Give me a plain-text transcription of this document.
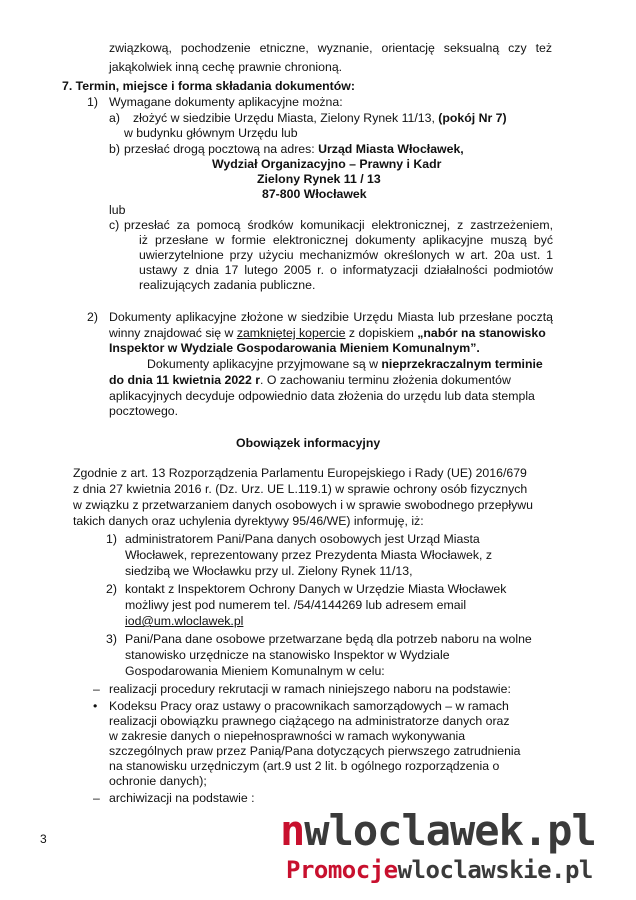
związkową, pochodzenie etniczne, wyznanie, orientację seksualną czy też
jakąkolwiek inną cechę prawnie chronioną.
7. Termin, miejsce i forma składania dokumentów:
1) Wymagane dokumenty aplikacyjne można:
a) złożyć w siedzibie Urzędu Miasta, Zielony Rynek 11/13, (pokój Nr 7)
w budynku głównym Urzędu lub
b) przesłać drogą pocztową na adres: Urząd Miasta Włocławek,
Wydział Organizacyjno – Prawny i Kadr
Zielony Rynek 11 / 13
87-800 Włocławek
lub
c) przesłać za pomocą środków komunikacji elektronicznej, z zastrzeżeniem,
iż przesłane w formie elektronicznej dokumenty aplikacyjne muszą być
uwierzytelnione przy użyciu mechanizmów określonych w art. 20a ust. 1
ustawy z dnia 17 lutego 2005 r. o informatyzacji działalności podmiotów
realizujących zadania publiczne.
2) Dokumenty aplikacyjne złożone w siedzibie Urzędu Miasta lub przesłane pocztą
winny znajdować się w zamkniętej kopercie z dopiskiem „nabór na stanowisko
Inspektor w Wydziale Gospodarowania Mieniem Komunalnym”.
Dokumenty aplikacyjne przyjmowane są w nieprzekraczalnym terminie
do dnia 11 kwietnia 2022 r. O zachowaniu terminu złożenia dokumentów
aplikacyjnych decyduje odpowiednio data złożenia do urzędu lub data stempla
pocztowego.
Obowiązek informacyjny
Zgodnie z art. 13 Rozporządzenia Parlamentu Europejskiego i Rady (UE) 2016/679
z dnia 27 kwietnia 2016 r. (Dz. Urz. UE L.119.1) w sprawie ochrony osób fizycznych
w związku z przetwarzaniem danych osobowych i w sprawie swobodnego przepływu
takich danych oraz uchylenia dyrektywy 95/46/WE) informuję, iż:
1) administratorem Pani/Pana danych osobowych jest Urząd Miasta
Włocławek, reprezentowany przez Prezydenta Miasta Włocławek, z
siedzibą we Włocławku przy ul. Zielony Rynek 11/13,
2) kontakt z Inspektorem Ochrony Danych w Urzędzie Miasta Włocławek
możliwy jest pod numerem tel. /54/4144269 lub adresem email
iod@um.wloclawek.pl
3) Pani/Pana dane osobowe przetwarzane będą dla potrzeb naboru na wolne
stanowisko urzędnicze na stanowisko Inspektor w Wydziale
Gospodarowania Mieniem Komunalnym w celu:
– realizacji procedury rekrutacji w ramach niniejszego naboru na podstawie:
• Kodeksu Pracy oraz ustawy o pracownikach samorządowych – w ramach
realizacji obowiązku prawnego ciążącego na administratorze danych oraz
w zakresie danych o niepełnosprawności w ramach wykonywania
szczególnych praw przez Panią/Pana dotyczących pierwszego zatrudnienia
na stanowisku urzędniczym (art.9 ust 2 lit. b ogólnego rozporządzenia o
ochronie danych);
– archiwizacji na podstawie :
3	nwloclawek.pl
Promocjewloclawskie.pl
